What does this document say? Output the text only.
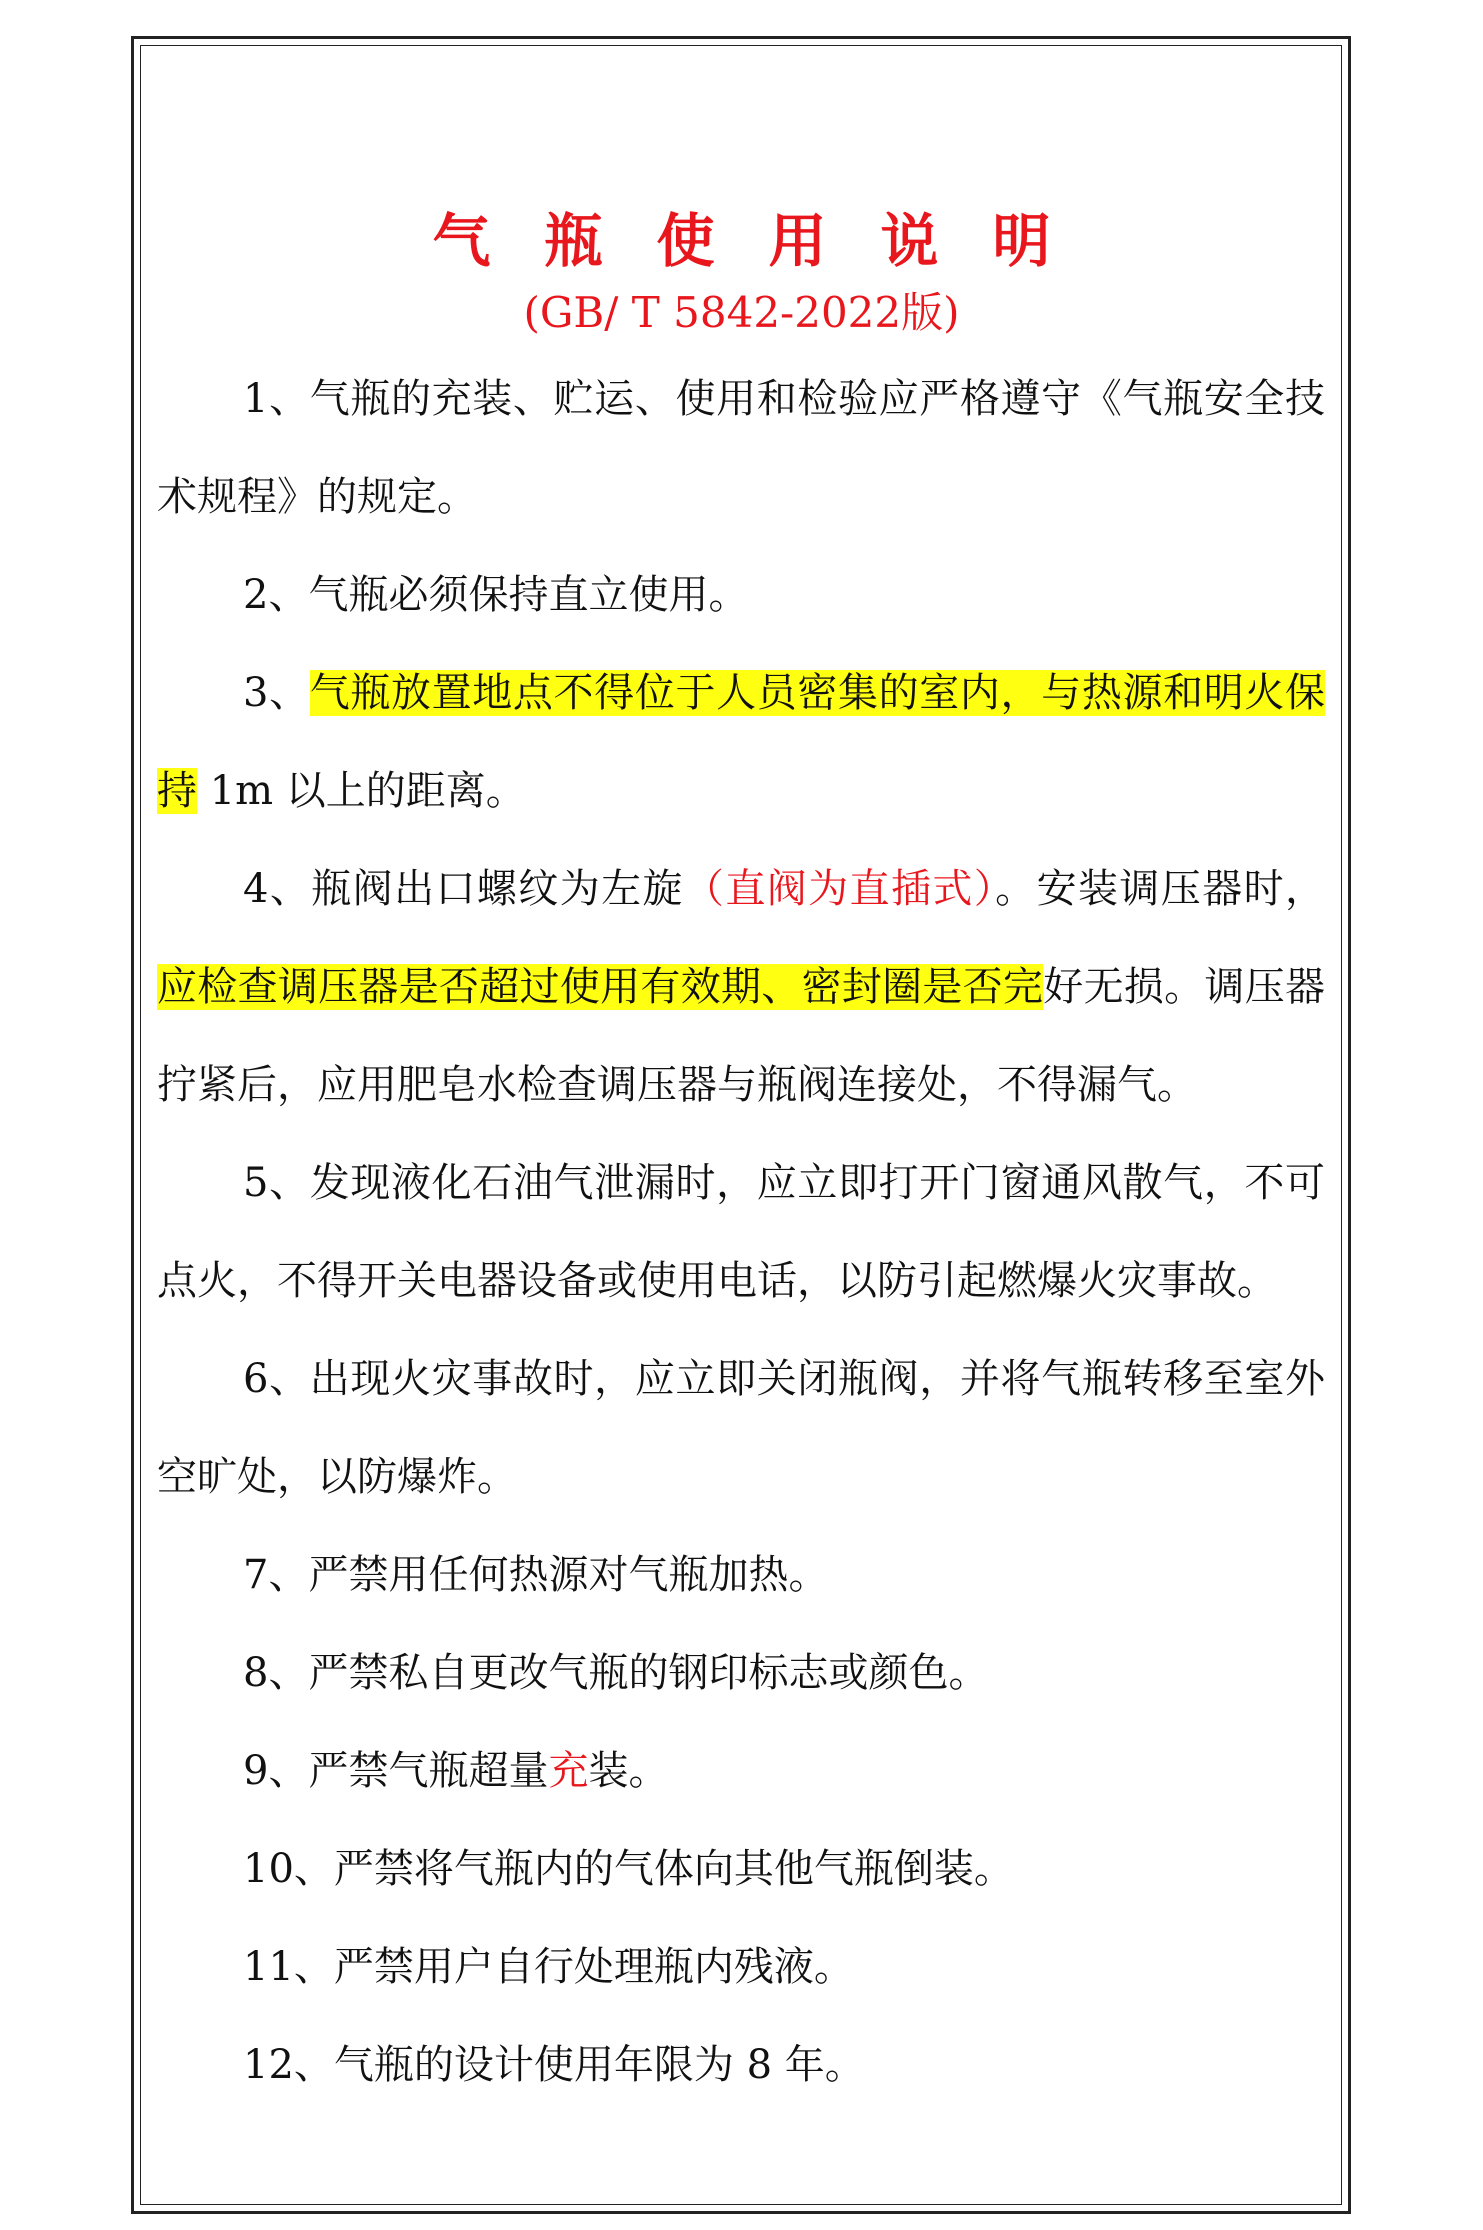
气瓶使用说明
(GB/ T 5842-2022版)

1、气瓶的充装、贮运、使用和检验应严格遵守《气瓶安全技术规程》的规定。

2、气瓶必须保持直立使用。

3、气瓶放置地点不得位于人员密集的室内，与热源和明火保持 1m 以上的距离。

4、瓶阀出口螺纹为左旋（直阀为直插式）。安装调压器时，应检查调压器是否超过使用有效期、密封圈是否完好无损。调压器拧紧后，应用肥皂水检查调压器与瓶阀连接处，不得漏气。

5、发现液化石油气泄漏时，应立即打开门窗通风散气，不可点火，不得开关电器设备或使用电话，以防引起燃爆火灾事故。

6、出现火灾事故时，应立即关闭瓶阀，并将气瓶转移至室外空旷处，以防爆炸。

7、严禁用任何热源对气瓶加热。

8、严禁私自更改气瓶的钢印标志或颜色。

9、严禁气瓶超量充装。

10、严禁将气瓶内的气体向其他气瓶倒装。

11、严禁用户自行处理瓶内残液。

12、气瓶的设计使用年限为 8 年。
